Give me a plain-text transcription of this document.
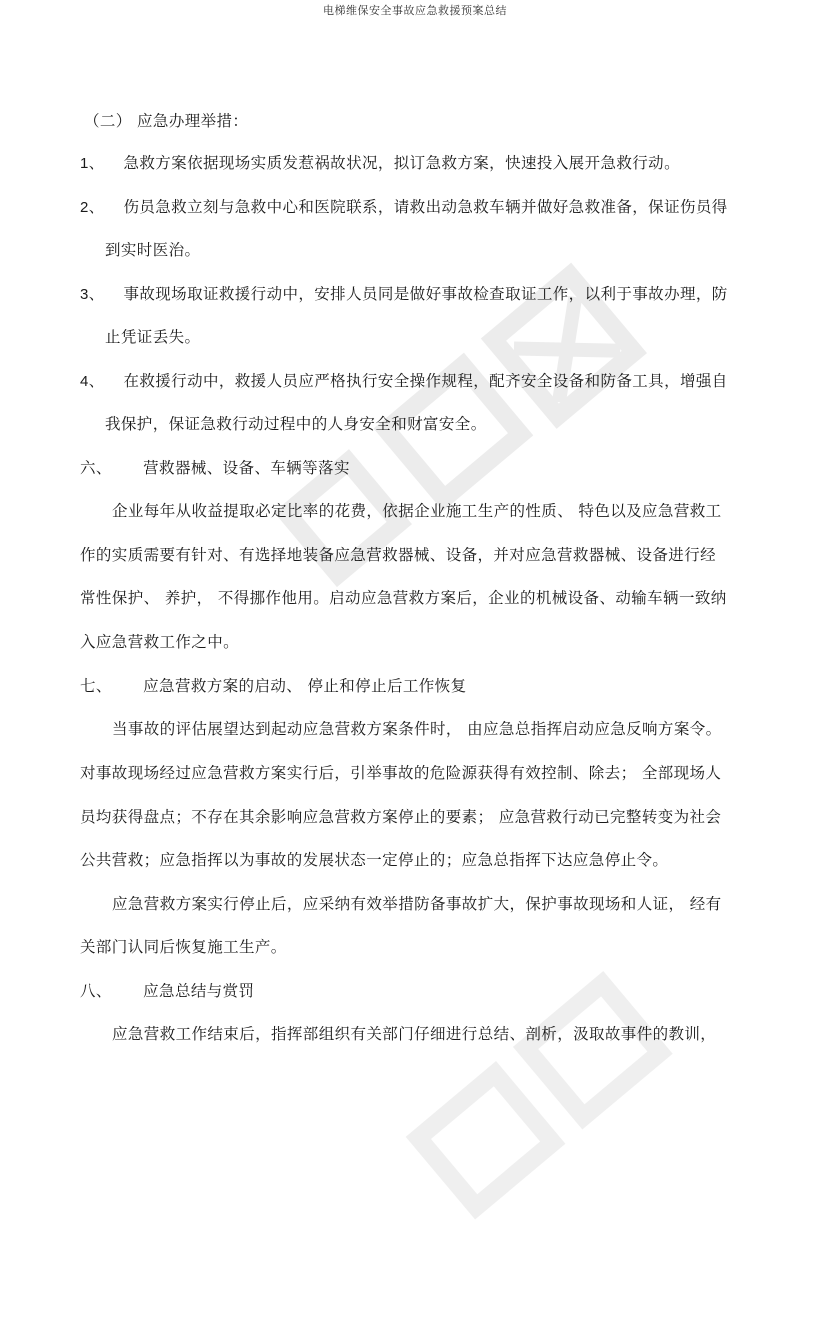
电梯维保安全事故应急救援预案总结
（二） 应急办理举措：
1、 急救方案依据现场实质发惹祸故状况，拟订急救方案，快速投入展开急救行动。
2、 伤员急救立刻与急救中心和医院联系，请救出动急救车辆并做好急救准备，保证伤员得
到实时医治。
3、 事故现场取证救援行动中，安排人员同是做好事故检查取证工作，以利于事故办理，防
止凭证丢失。
4、 在救援行动中，救援人员应严格执行安全操作规程，配齐安全设备和防备工具，增强自
我保护，保证急救行动过程中的人身安全和财富安全。
六、 营救器械、设备、车辆等落实
企业每年从收益提取必定比率的花费，依据企业施工生产的性质、 特色以及应急营救工
作的实质需要有针对、有选择地装备应急营救器械、设备，并对应急营救器械、设备进行经
常性保护、 养护， 不得挪作他用。启动应急营救方案后，企业的机械设备、动输车辆一致纳
入应急营救工作之中。
七、 应急营救方案的启动、 停止和停止后工作恢复
当事故的评估展望达到起动应急营救方案条件时， 由应急总指挥启动应急反响方案令。
对事故现场经过应急营救方案实行后，引举事故的危险源获得有效控制、除去； 全部现场人
员均获得盘点；不存在其余影响应急营救方案停止的要素； 应急营救行动已完整转变为社会
公共营救；应急指挥以为事故的发展状态一定停止的；应急总指挥下达应急停止令。
应急营救方案实行停止后，应采纳有效举措防备事故扩大，保护事故现场和人证， 经有
关部门认同后恢复施工生产。
八、 应急总结与赏罚
应急营救工作结束后，指挥部组织有关部门仔细进行总结、剖析，汲取故事件的教训，
